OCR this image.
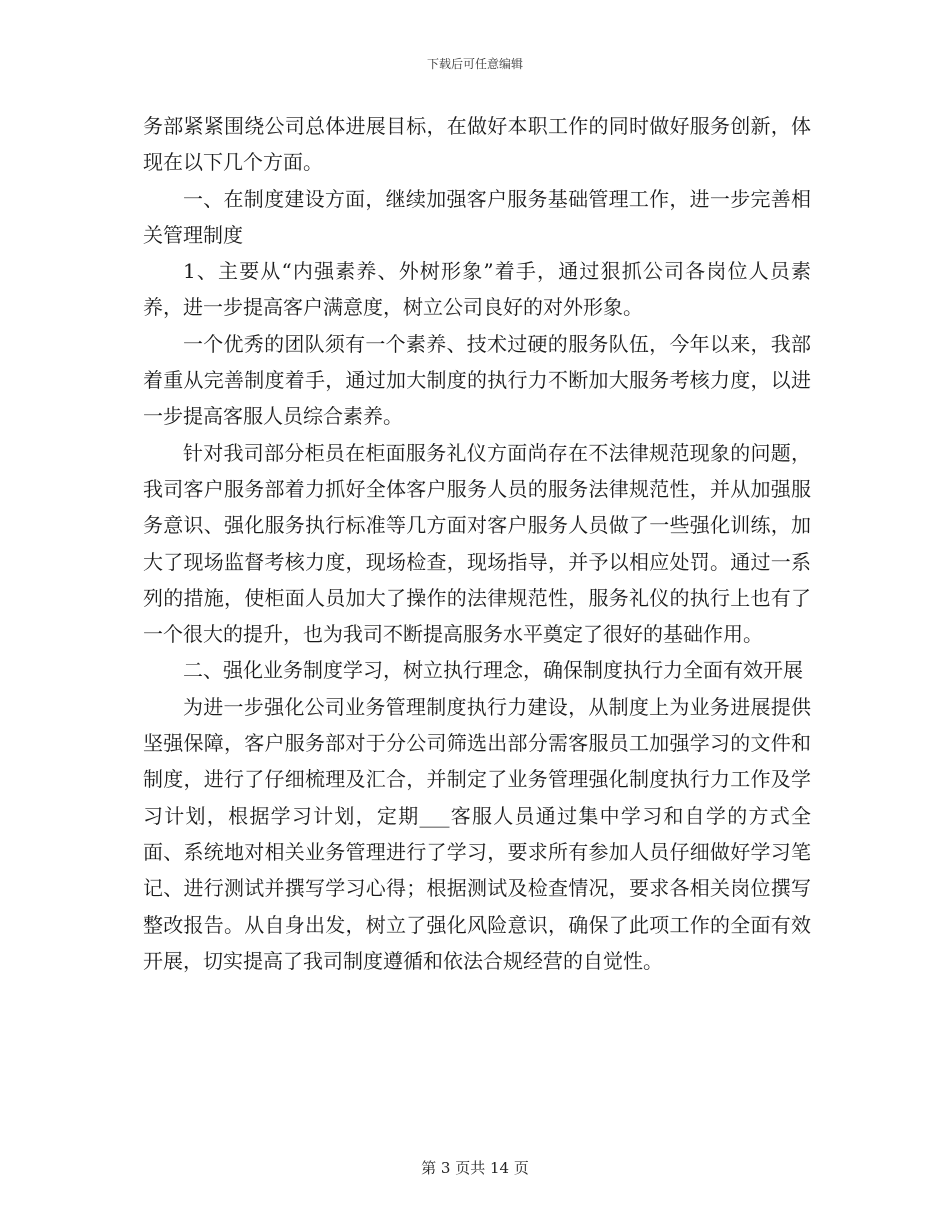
下载后可任意编辑

务部紧紧围绕公司总体进展目标，在做好本职工作的同时做好服务创新，体现在以下几个方面。

一、在制度建设方面，继续加强客户服务基础管理工作，进一步完善相关管理制度

1、主要从“内强素养、外树形象”着手，通过狠抓公司各岗位人员素养，进一步提高客户满意度，树立公司良好的对外形象。

一个优秀的团队须有一个素养、技术过硬的服务队伍，今年以来，我部着重从完善制度着手，通过加大制度的执行力不断加大服务考核力度，以进一步提高客服人员综合素养。

针对我司部分柜员在柜面服务礼仪方面尚存在不法律规范现象的问题，我司客户服务部着力抓好全体客户服务人员的服务法律规范性，并从加强服务意识、强化服务执行标准等几方面对客户服务人员做了一些强化训练，加大了现场监督考核力度，现场检查，现场指导，并予以相应处罚。通过一系列的措施，使柜面人员加大了操作的法律规范性，服务礼仪的执行上也有了一个很大的提升，也为我司不断提高服务水平奠定了很好的基础作用。

二、强化业务制度学习，树立执行理念，确保制度执行力全面有效开展

为进一步强化公司业务管理制度执行力建设，从制度上为业务进展提供坚强保障，客户服务部对于分公司筛选出部分需客服员工加强学习的文件和制度，进行了仔细梳理及汇合，并制定了业务管理强化制度执行力工作及学习计划，根据学习计划，定期___客服人员通过集中学习和自学的方式全面、系统地对相关业务管理进行了学习，要求所有参加人员仔细做好学习笔记、进行测试并撰写学习心得；根据测试及检查情况，要求各相关岗位撰写整改报告。从自身出发，树立了强化风险意识，确保了此项工作的全面有效开展，切实提高了我司制度遵循和依法合规经营的自觉性。

第 3 页共 14 页
